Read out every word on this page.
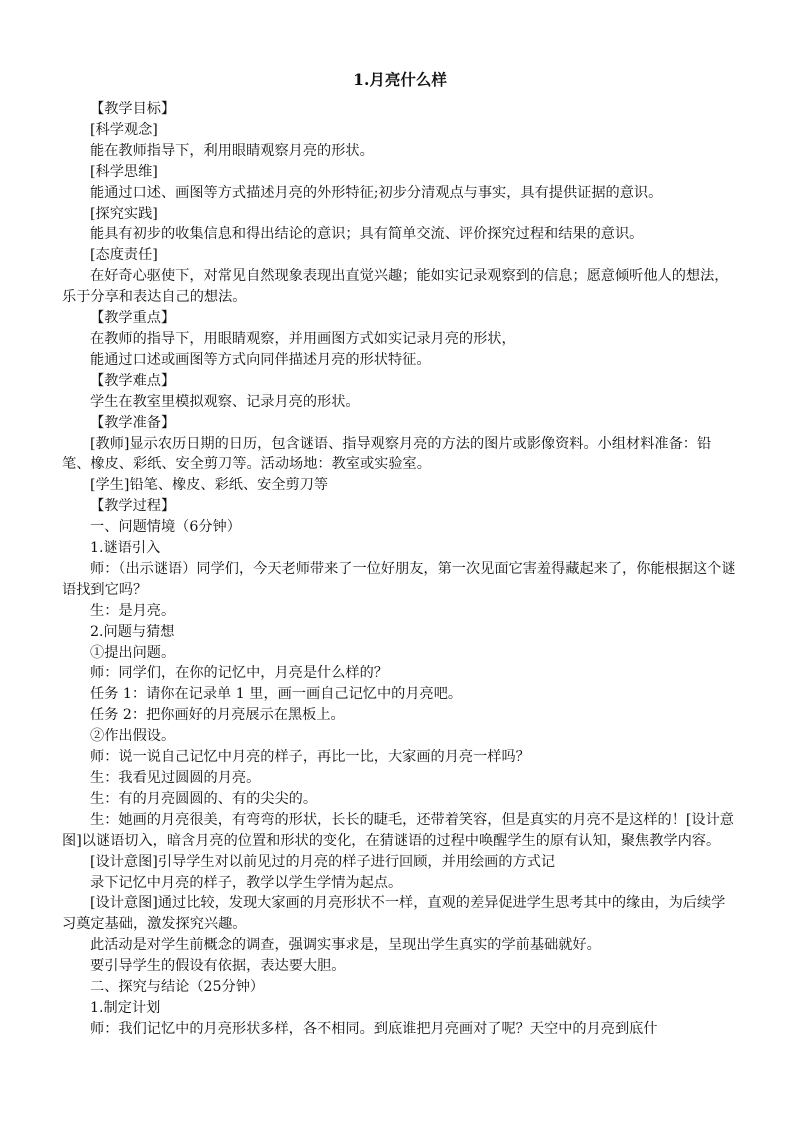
1.月亮什么样
【教学目标】
[科学观念]
能在教师指导下，利用眼睛观察月亮的形状。
[科学思维]
能通过口述、画图等方式描述月亮的外形特征;初步分清观点与事实，具有提供证据的意识。
[探究实践]
能具有初步的收集信息和得出结论的意识；具有简单交流、评价探究过程和结果的意识。
[态度责任]
在好奇心驱使下，对常见自然现象表现出直觉兴趣；能如实记录观察到的信息；愿意倾听他人的想法，乐于分享和表达自己的想法。
【教学重点】
在教师的指导下，用眼睛观察，并用画图方式如实记录月亮的形状，
能通过口述或画图等方式向同伴描述月亮的形状特征。
【教学难点】
学生在教室里模拟观察、记录月亮的形状。
【教学准备】
[教师]显示农历日期的日历，包含谜语、指导观察月亮的方法的图片或影像资料。小组材料准备：铅笔、橡皮、彩纸、安全剪刀等。活动场地：教室或实验室。
[学生]铅笔、橡皮、彩纸、安全剪刀等
【教学过程】
一、问题情境（6分钟）
1.谜语引入
师：（出示谜语）同学们，今天老师带来了一位好朋友，第一次见面它害羞得藏起来了，你能根据这个谜语找到它吗？
生：是月亮。
2.问题与猜想
①提出问题。
师：同学们，在你的记忆中，月亮是什么样的？
任务 1：请你在记录单 1 里，画一画自己记忆中的月亮吧。
任务 2：把你画好的月亮展示在黑板上。
②作出假设。
师：说一说自己记忆中月亮的样子，再比一比，大家画的月亮一样吗？
生：我看见过圆圆的月亮。
生：有的月亮圆圆的、有的尖尖的。
生：她画的月亮很美，有弯弯的形状，长长的睫毛，还带着笑容，但是真实的月亮不是这样的！[设计意图]以谜语切入，暗含月亮的位置和形状的变化，在猜谜语的过程中唤醒学生的原有认知，聚焦教学内容。
[设计意图]引导学生对以前见过的月亮的样子进行回顾，并用绘画的方式记
录下记忆中月亮的样子，教学以学生学情为起点。
[设计意图]通过比较，发现大家画的月亮形状不一样，直观的差异促进学生思考其中的缘由，为后续学习奠定基础，激发探究兴趣。
此活动是对学生前概念的调查，强调实事求是，呈现出学生真实的学前基础就好。
要引导学生的假设有依据，表达要大胆。
二、探究与结论（25分钟）
1.制定计划
师：我们记忆中的月亮形状多样，各不相同。到底谁把月亮画对了呢？天空中的月亮到底什
